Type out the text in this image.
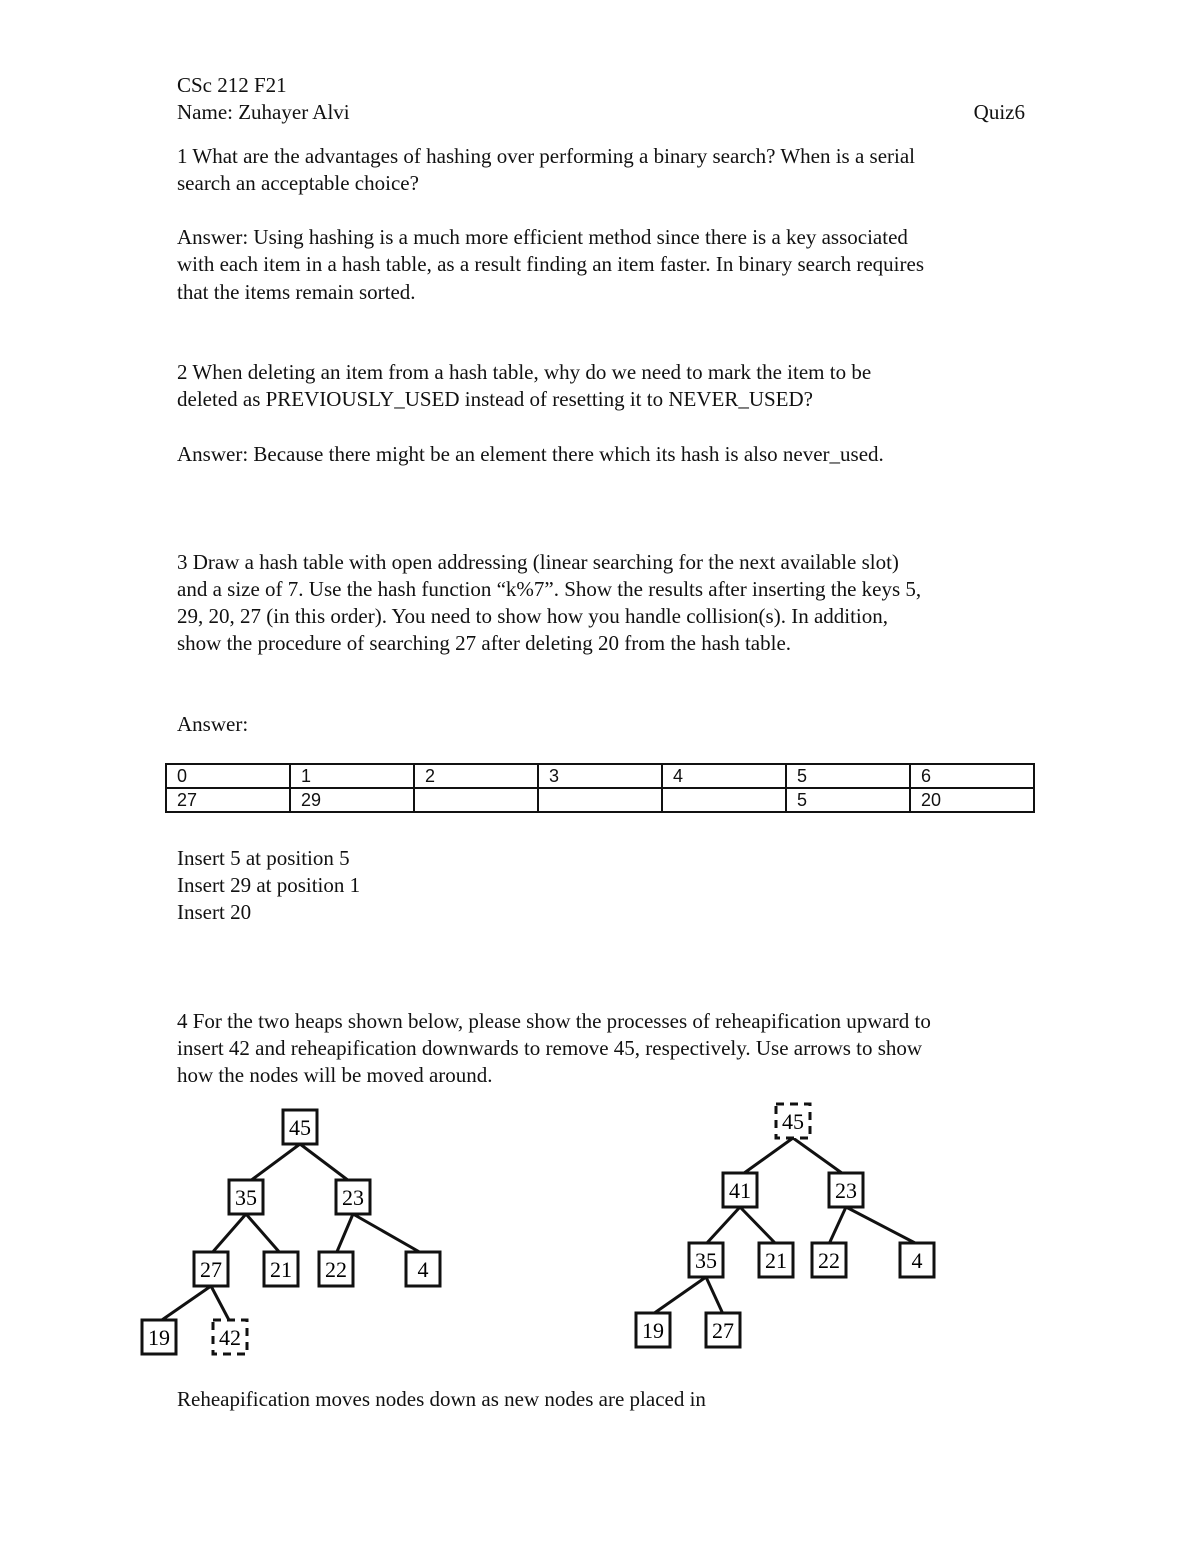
CSc 212 F21
Name: Zuhayer Alvi	Quiz6
1 What are the advantages of hashing over performing a binary search? When is a serial
search an acceptable choice?
Answer: Using hashing is a much more efficient method since there is a key associated
with each item in a hash table, as a result finding an item faster. In binary search requires
that the items remain sorted.
2 When deleting an item from a hash table, why do we need to mark the item to be
deleted as PREVIOUSLY_USED instead of resetting it to NEVER_USED?
Answer: Because there might be an element there which its hash is also never_used.
3 Draw a hash table with open addressing (linear searching for the next available slot)
and a size of 7. Use the hash function “k%7”. Show the results after inserting the keys 5,
29, 20, 27 (in this order). You need to show how you handle collision(s). In addition,
show the procedure of searching 27 after deleting 20 from the hash table.
Answer:
0	1	2	3	4	5	6
27	29				5	20
Insert 5 at position 5
Insert 29 at position 1
Insert 20
4 For the two heaps shown below, please show the processes of reheapification upward to
insert 42 and reheapification downwards to remove 45, respectively. Use arrows to show
how the nodes will be moved around.
45
35	23
27 21 22	4
19 42
45
41	23
35 21 22	4
19 27
Reheapification moves nodes down as new nodes are placed in
